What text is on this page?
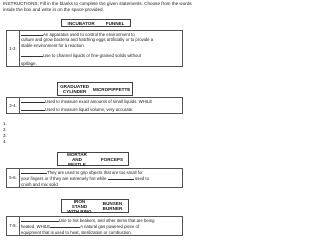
INSTRUCTIONS: Fill in the blanks to complete the given statements. Choose from the words inside the box and write in on the space provided.
INCUBATOR FUNNEL
1-2.	
An apparatus used to control the environment to
culture and grow bacteria and hatching eggs artificially or to provide a
stable environment for a reaction.
Use to channel liquids or fine-grained solids without
spillage.
GRADUATED CYLINDER	MICROPIPPETTE
3-4.	
Used to measure exact amounts of small liquids. WHILE
Used to measure liquid volume, very accurate.
1.
2.
3.
4.
MORTAR AND PESTLE
FORCEPS
5-6.	
They are used to grip objects that are too small for
your fingers or if they are extremely hot while	used to
crush and mix solid
IRON STAND WITH RING
BUNSEN BURNER
7-8.	
Use to hot beakers, and other items that are being
heated. WHILE	A natural gas powered piece of
equipment that is used to heat, sterilization or combustion.
